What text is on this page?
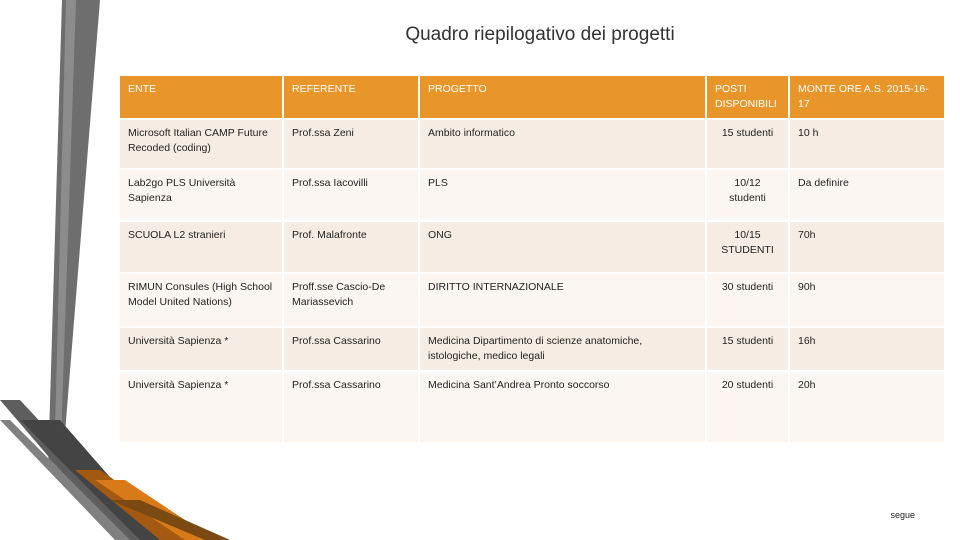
Quadro riepilogativo dei progetti
ENTE	REFERENTE	PROGETTO	POSTI DISPONIBILI	MONTE ORE A.S. 2015-16-17
Microsoft Italian CAMP Future Recoded (coding)	Prof.ssa Zeni	Ambito informatico	15 studenti	10 h
Lab2go PLS Università Sapienza	Prof.ssa Iacovilli	PLS	10/12 studenti	Da definire
SCUOLA L2 stranieri	Prof. Malafronte	ONG	10/15 STUDENTI	70h
RIMUN Consules (High School Model United Nations)	Proff.sse Cascio-De Mariassevich	DIRITTO INTERNAZIONALE	30 studenti	90h
Università Sapienza *	Prof.ssa Cassarino	Medicina Dipartimento di scienze anatomiche, istologiche, medico legali	15 studenti	16h
Università Sapienza *	Prof.ssa Cassarino	Medicina Sant’Andrea Pronto soccorso	20 studenti	20h
segue
